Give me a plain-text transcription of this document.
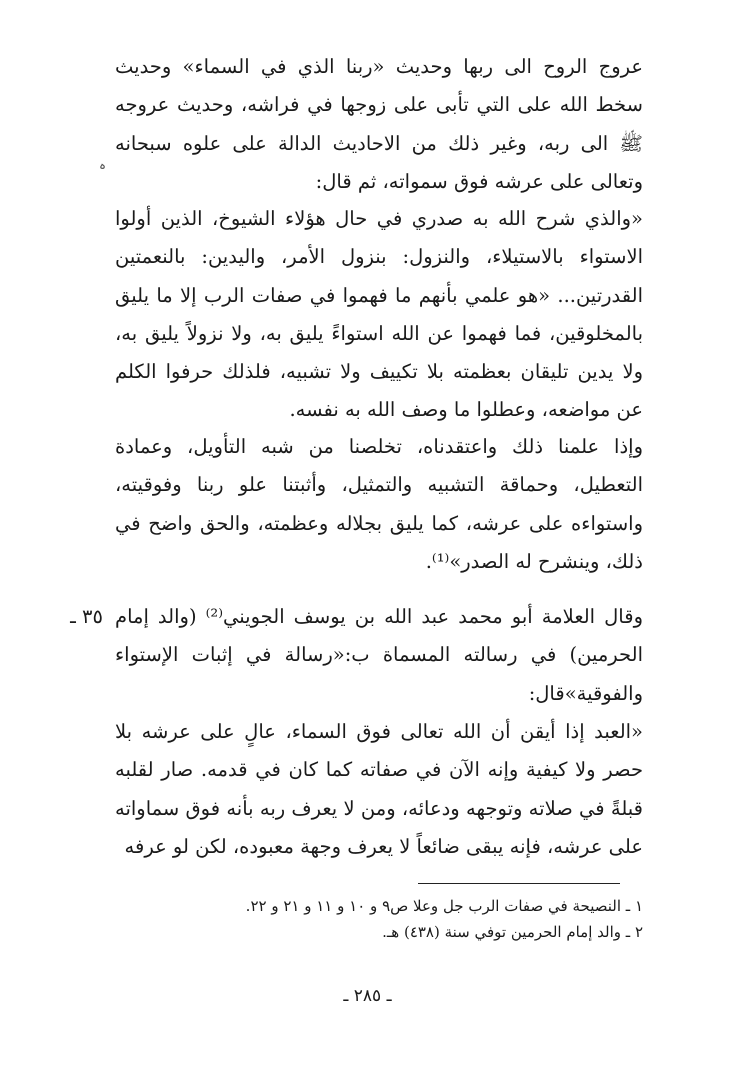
عروج الروح الى ربها وحديث «ربنا الذي في السماء» وحديث سخط الله على التي تأبى على زوجها في فراشه، وحديث عروجه ﷺ الى ربه، وغير ذلك من الاحاديث الدالة على علوه سبحانه وتعالى على عرشه فوق سمواته، ثم قال:

ہ

«والذي شرح الله به صدري في حال هؤلاء الشيوخ، الذين أولوا الاستواء بالاستيلاء، والنزول: بنزول الأمر، واليدين: بالنعمتين القدرتين... «هو علمي بأنهم ما فهموا في صفات الرب إلا ما يليق بالمخلوقين، فما فهموا عن الله استواءً يليق به، ولا نزولاً يليق به، ولا يدين تليقان بعظمته بلا تكييف ولا تشبيه، فلذلك حرفوا الكلم عن مواضعه، وعطلوا ما وصف الله به نفسه.

وإذا علمنا ذلك واعتقدناه، تخلصنا من شبه التأويل، وعمادة التعطيل، وحماقة التشبيه والتمثيل، وأثبتنا علو ربنا وفوقيته، واستواءه على عرشه، كما يليق بجلاله وعظمته، والحق واضح في ذلك، وينشرح له الصدر»⁽¹⁾.

٣٥ ـ وقال العلامة أبو محمد عبد الله بن يوسف الجويني⁽²⁾ (والد إمام الحرمين) في رسالته المسماة ب:«رسالة في إثبات الإستواء والفوقية»قال:

«العبد إذا أيقن أن الله تعالى فوق السماء، عالٍ على عرشه بلا حصر ولا كيفية وإنه الآن في صفاته كما كان في قدمه. صار لقلبه قبلةً في صلاته وتوجهه ودعائه، ومن لا يعرف ربه بأنه فوق سماواته على عرشه، فإنه يبقى ضائعاً لا يعرف وجهة معبوده، لكن لو عرفه

١ ـ النصيحة في صفات الرب جل وعلا ص٩ و ١٠ و ١١ و ٢١ و ٢٢.

٢ ـ والد إمام الحرمين توفي سنة (٤٣٨) هـ.

ـ ٢٨٥ ـ
